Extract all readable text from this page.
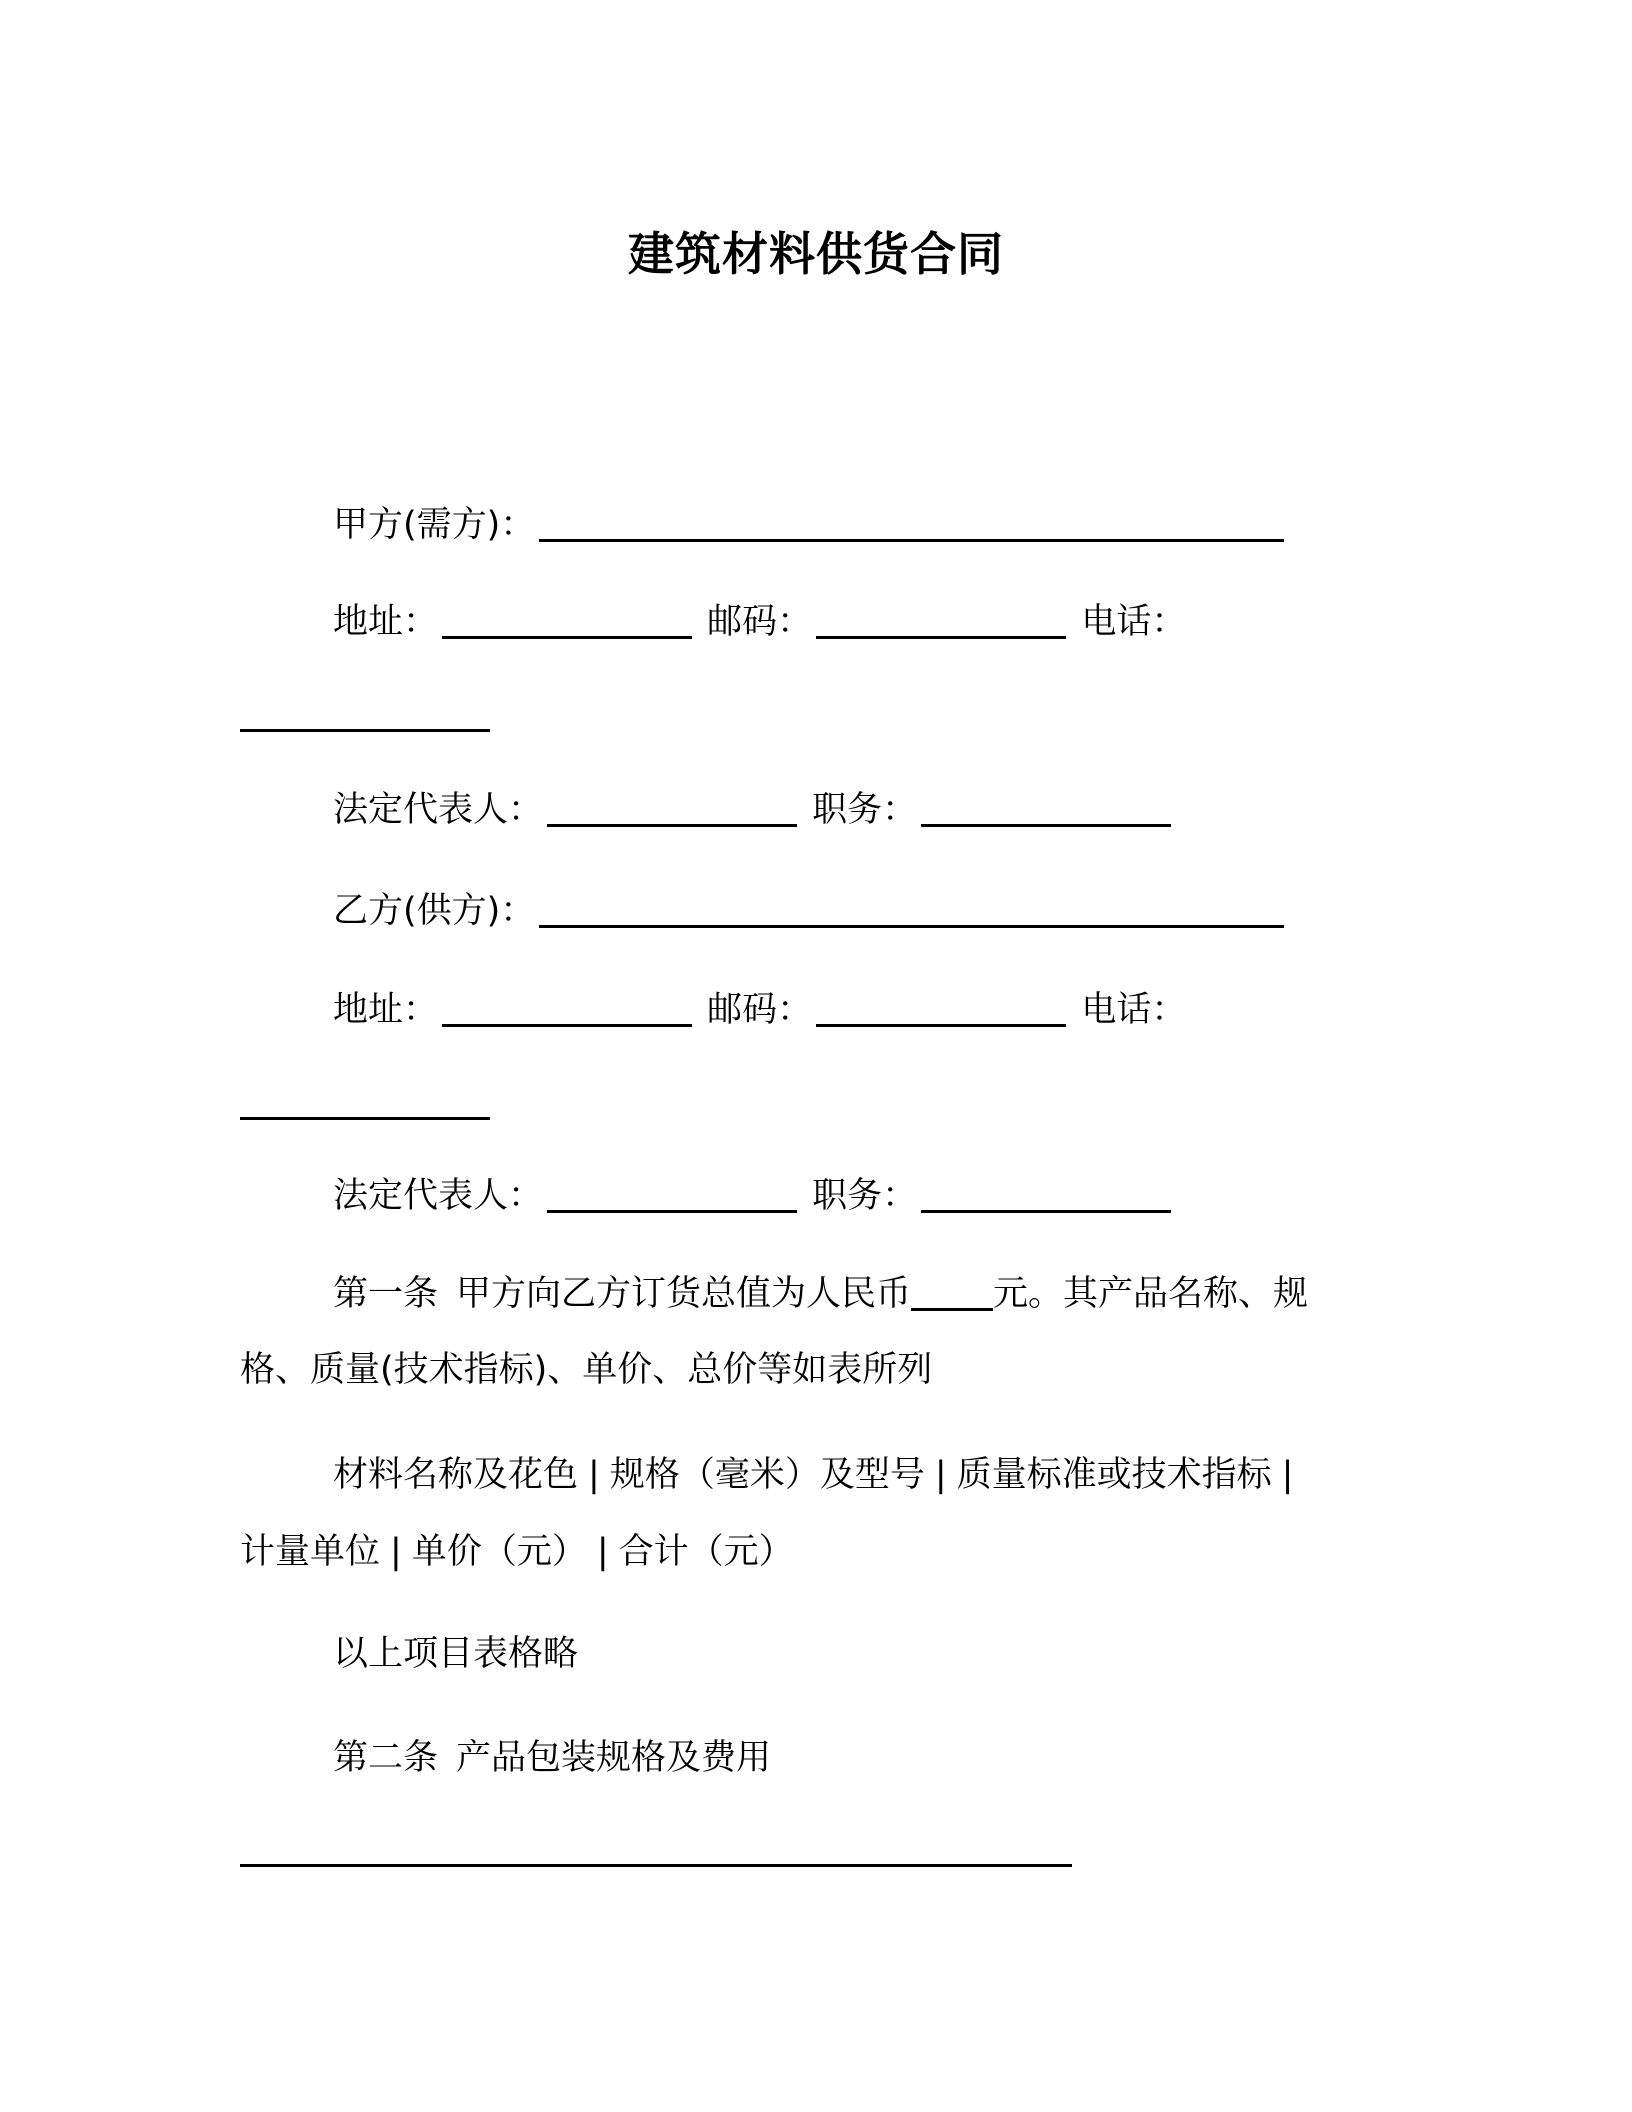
建筑材料供货合同
甲方(需方)：
地址：	邮码：	电话：
法定代表人：	职务：
乙方(供方)：
地址：	邮码：	电话：
法定代表人：	职务：
第一条 甲方向乙方订货总值为人民币 元。其产品名称、规
格、质量(技术指标)、单价、总价等如表所列
材料名称及花色 | 规格（毫米）及型号 | 质量标准或技术指标 |
计量单位 | 单价（元） | 合计（元）
以上项目表格略
第二条 产品包装规格及费用
